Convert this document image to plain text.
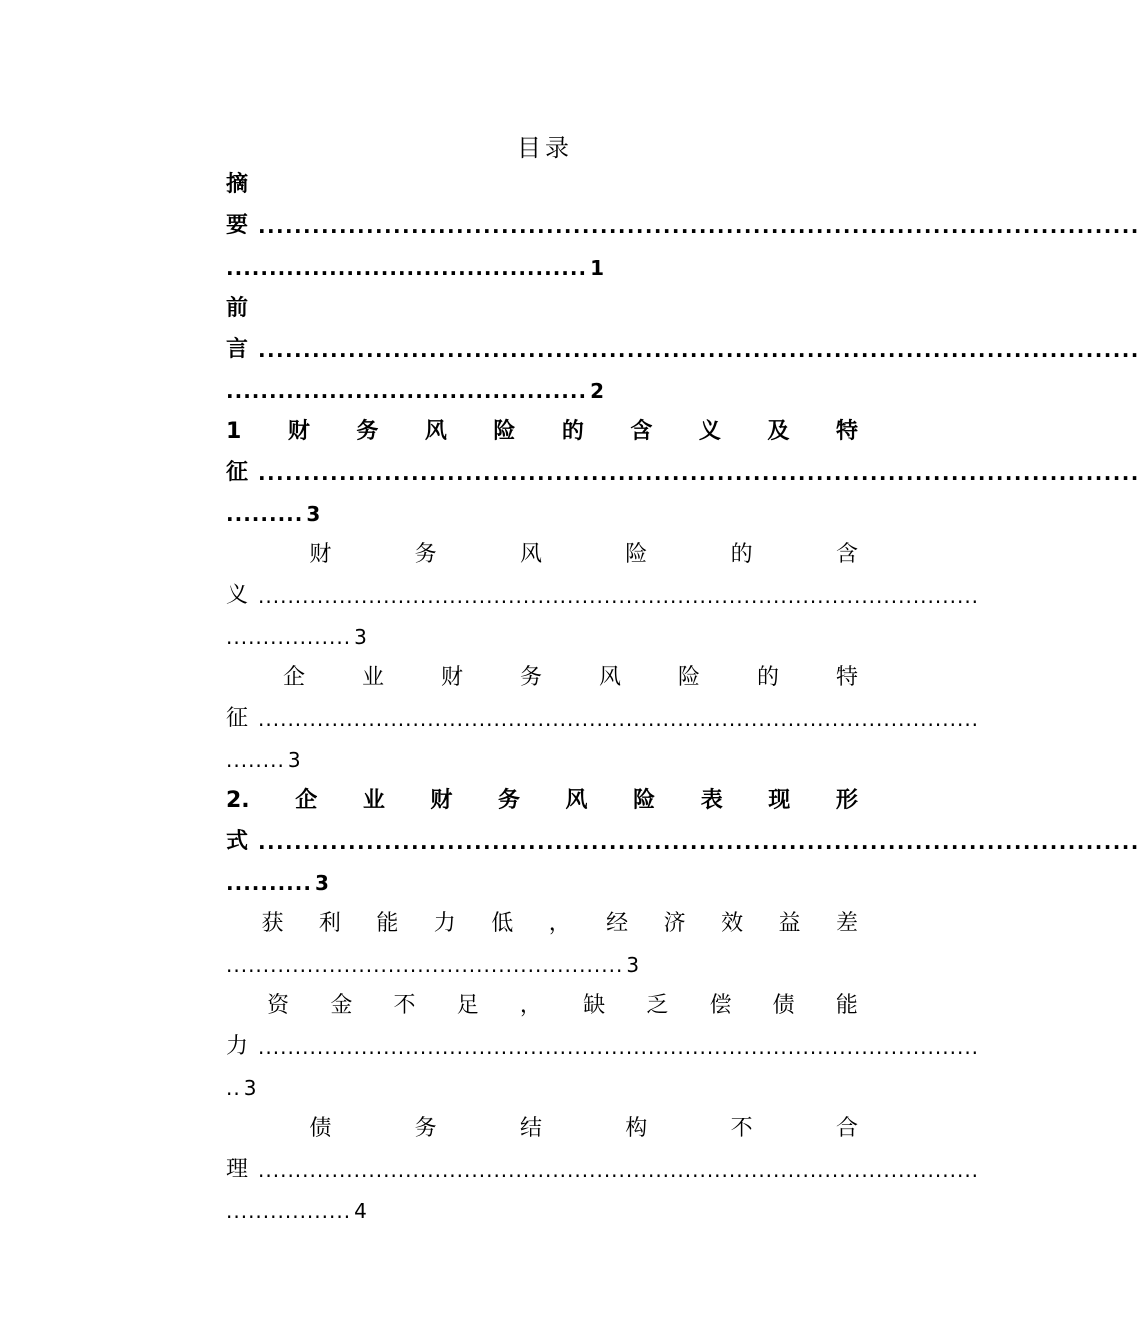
目录
摘
要 ..................................................................................................
.......................................... 1
前
言 ..................................................................................................
.......................................... 2
1 财 务 风 险 的 含 义 及 特
征 ..................................................................................................
......... 3
财	务	风	险	的	含
义 ..................................................................................................
................. 3
企	业	财	务	风	险	的	特
征 ..................................................................................................
........ 3
2. 企 业 财 务 风 险 表 现 形
式 ..................................................................................................
.......... 3
获 利 能 力 低 ， 经 济 效 益 差
...................................................... 3
资 金 不 足 ， 缺 乏 偿 债 能
力 ..................................................................................................
.. 3
债	务	结	构	不	合
理 ..................................................................................................
................. 4
